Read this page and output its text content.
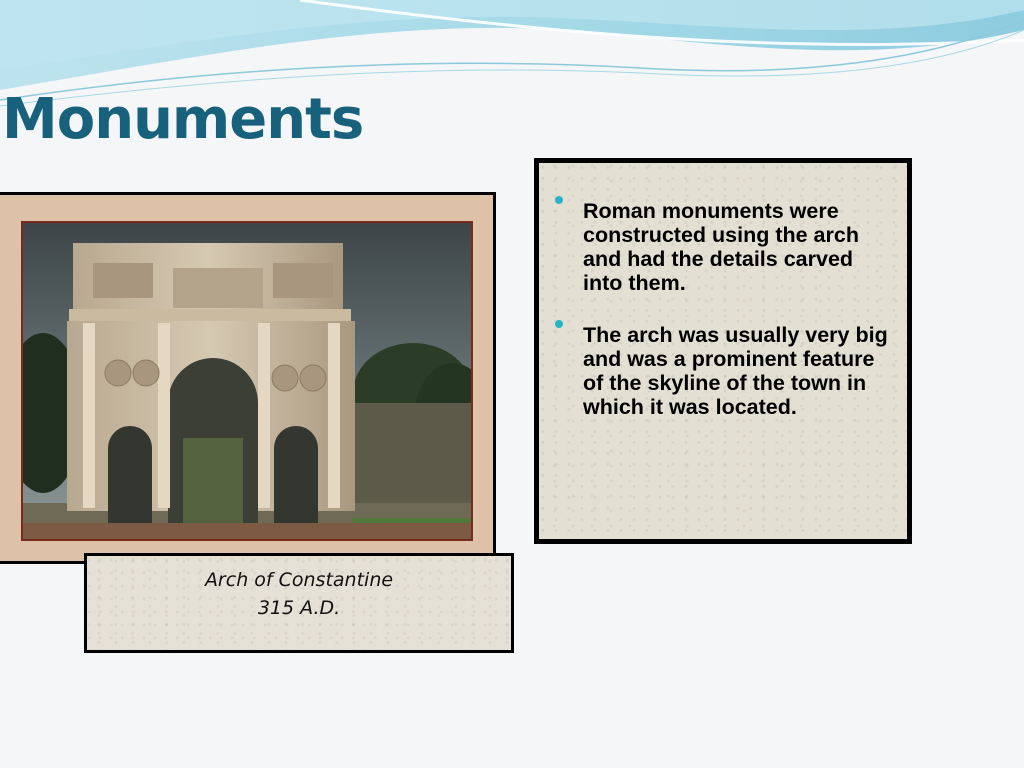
Monuments
Arch of Constantine
315 A.D.
Roman monuments were constructed using the arch and had the details carved into them.
The arch was usually very big and was a prominent feature of the skyline of the town in which it was located.
